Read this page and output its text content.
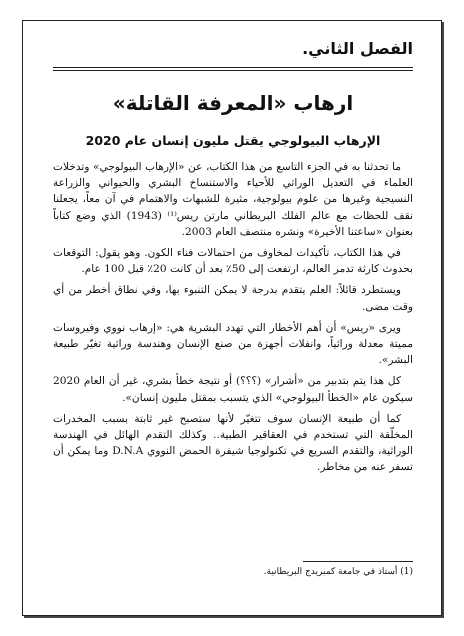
الفصل الثاني.
ارهاب «المعرفة القاتلة»
الإرهاب البيولوجي يقتل مليون إنسان عام 2020

ما تحدثنا به في الجزء التاسع من هذا الكتاب، عن «الإرهاب البيولوجي» وتدخلات العلماء في التعديل الوراثي للأحياء والاستنساخ البشري والحيواني والزراعة النسيجية وغيرها من علوم بيولوجية، مثيرة للشبهات والاهتمام في آن معاً، يجعلنا نقف للحظات مع عالم الفلك البريطاني مارتن ريس⁽¹⁾ (1943) الذي وضع كتاباً بعنوان «ساعتنا الأخيرة» ونشره منتصف العام 2003.

في هذا الكتاب، تأكيدات لمخاوف من احتمالات فناء الكون. وهو يقول: التوقعات بحدوث كارثة تدمر العالم، ارتفعت إلى 50٪ بعد أن كانت 20٪ قبل 100 عام.

ويستطرد قائلاً: العلم يتقدم بدرجة لا يمكن التنبوء بها، وفي نطاق أخطر من أي وقت مضى.

ويرى «ريس» أن أهم الأخطار التي تهدد البشرية هي: «إرهاب نووي وفيروسات مميتة معدلة وراثياً، وانفلات أجهزة من صنع الإنسان وهندسة وراثية تغيّر طبيعة البشر».

كل هذا يتم بتدبير من «أشرار» (؟؟؟) أو نتيجة خطأ بشري، غير أن العام 2020 سيكون عام «الخطأ البيولوجي» الذي يتسبب بمقتل مليون إنسان».

كما أن طبيعة الإنسان سوف تتغيّر لأنها ستصبح غير ثابتة بسبب المخدرات المخلّقة التي تستخدم في العقاقير الطبية.. وكذلك التقدم الهائل في الهندسة الوراثية، والتقدم السريع في تكنولوجيا شيفرة الحمض النووي D.N.A وما يمكن أن تسفر عنه من مخاطر.

(1) أستاذ في جامعة كمبريدج البريطانية.
